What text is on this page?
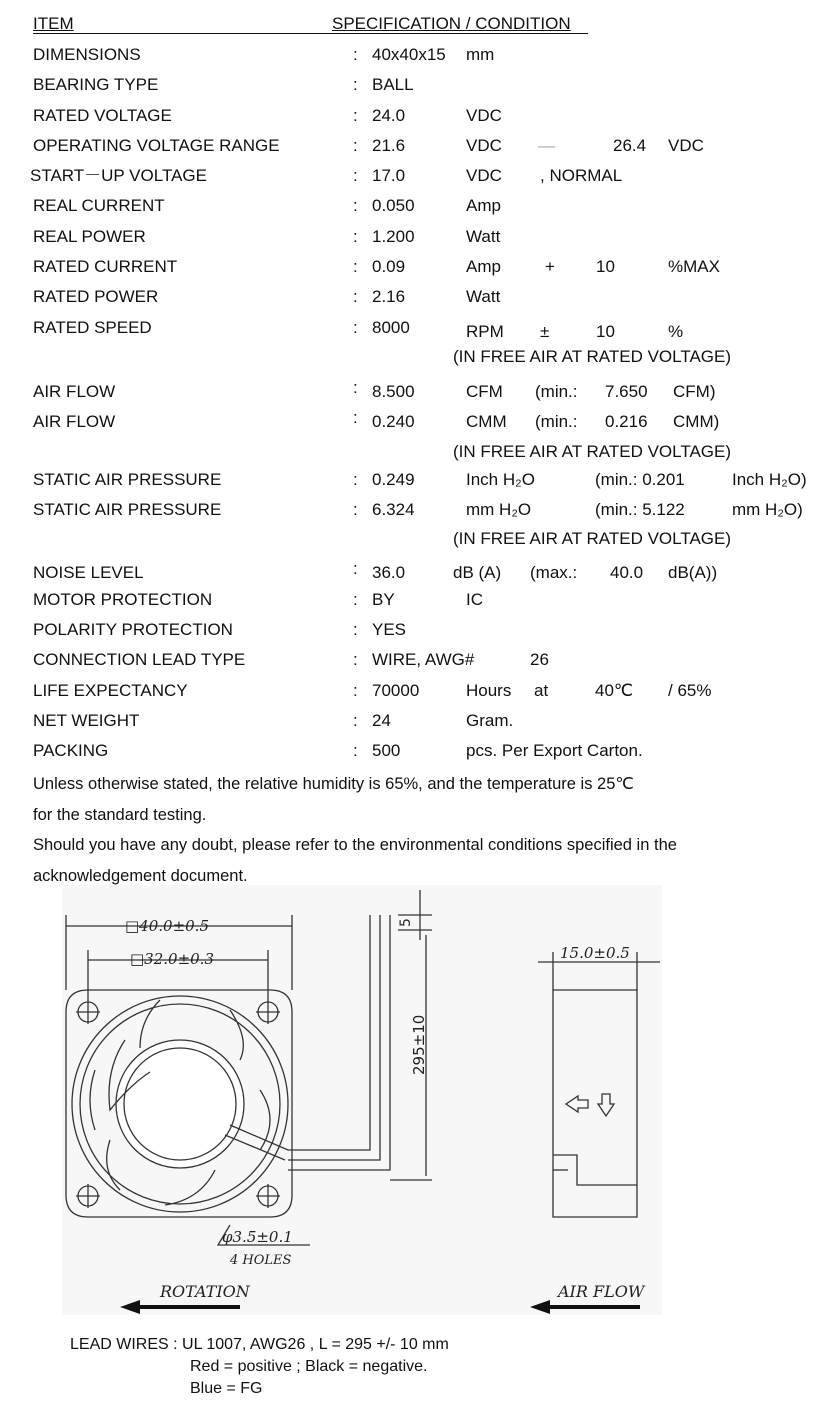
ITEM	SPECIFICATION / CONDITION
DIMENSIONS	: 40x40x15 mm
BEARING TYPE	: BALL
RATED VOLTAGE	: 24.0	VDC
OPERATING VOLTAGE RANGE	: 21.6	VDC —	26.4 VDC
START－UP VOLTAGE	: 17.0	VDC , NORMAL
REAL CURRENT	: 0.050	Amp
REAL POWER	: 1.200	Watt
RATED CURRENT	: 0.09	Amp	+ 10	%MAX
RATED POWER	: 2.16	Watt
RATED SPEED	: 8000	RPM ±	10	%
(IN FREE AIR AT RATED VOLTAGE)
AIR FLOW	: 8.500	CFM (min.: 7.650 CFM)
AIR FLOW	: 0.240	CMM (min.: 0.216 CMM)
(IN FREE AIR AT RATED VOLTAGE)
STATIC AIR PRESSURE	: 0.249	Inch H₂O	(min.: 0.201	Inch H₂O)
STATIC AIR PRESSURE	: 6.324	mm H₂O	(min.: 5.122	mm H₂O)
(IN FREE AIR AT RATED VOLTAGE)
NOISE LEVEL	: 36.0	dB (A) (max.: 40.0 dB(A))
MOTOR PROTECTION	: BY	IC
POLARITY PROTECTION	: YES
CONNECTION LEAD TYPE	: WIRE, AWG#	26
LIFE EXPECTANCY	: 70000	Hours at	40℃ / 65%
NET WEIGHT	: 24	Gram.
PACKING	: 500	pcs. Per Export Carton.
Unless otherwise stated, the relative humidity is 65%, and the temperature is 25℃
for the standard testing.
Should you have any doubt, please refer to the environmental conditions specified in the
acknowledgement document.
□40.0±0.5
□32.0±0.3
5
295±10
15.0±0.5
φ3.5±0.1
4 HOLES
ROTATION	AIR FLOW
LEAD WIRES : UL 1007, AWG26 , L = 295 +/- 10 mm
Red = positive ; Black = negative.
Blue = FG
